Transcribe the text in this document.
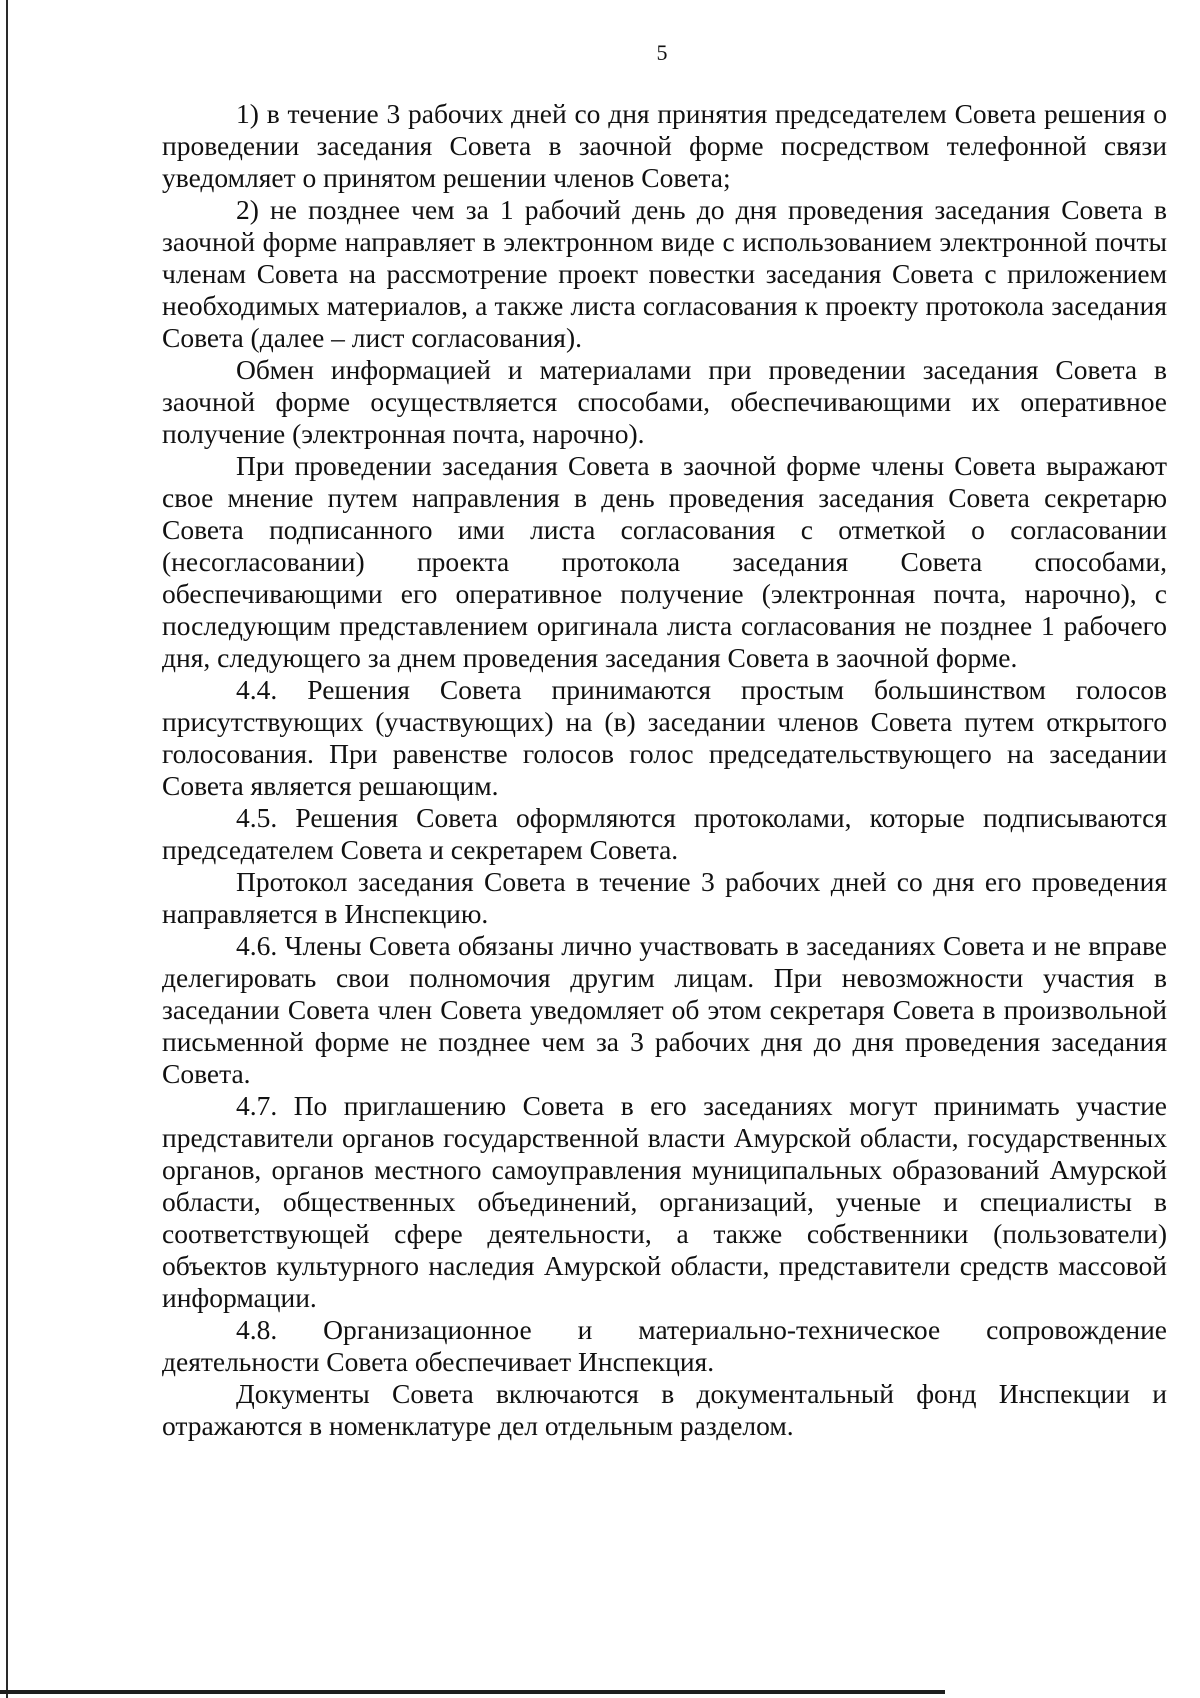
5

1) в течение 3 рабочих дней со дня принятия председателем Совета решения о проведении заседания Совета в заочной форме посредством телефонной связи уведомляет о принятом решении членов Совета;

2) не позднее чем за 1 рабочий день до дня проведения заседания Совета в заочной форме направляет в электронном виде с использованием электронной почты членам Совета на рассмотрение проект повестки заседания Совета с приложением необходимых материалов, а также листа согласования к проекту протокола заседания Совета (далее – лист согласования).

Обмен информацией и материалами при проведении заседания Совета в заочной форме осуществляется способами, обеспечивающими их оперативное получение (электронная почта, нарочно).

При проведении заседания Совета в заочной форме члены Совета выражают свое мнение путем направления в день проведения заседания Совета секретарю Совета подписанного ими листа согласования с отметкой о согласовании (несогласовании) проекта протокола заседания Совета способами, обеспечивающими его оперативное получение (электронная почта, нарочно), с последующим представлением оригинала листа согласования не позднее 1 рабочего дня, следующего за днем проведения заседания Совета в заочной форме.

4.4. Решения Совета принимаются простым большинством голосов присутствующих (участвующих) на (в) заседании членов Совета путем открытого голосования. При равенстве голосов голос председательствующего на заседании Совета является решающим.

4.5. Решения Совета оформляются протоколами, которые подписываются председателем Совета и секретарем Совета.

Протокол заседания Совета в течение 3 рабочих дней со дня его проведения направляется в Инспекцию.

4.6. Члены Совета обязаны лично участвовать в заседаниях Совета и не вправе делегировать свои полномочия другим лицам. При невозможности участия в заседании Совета член Совета уведомляет об этом секретаря Совета в произвольной письменной форме не позднее чем за 3 рабочих дня до дня проведения заседания Совета.

4.7. По приглашению Совета в его заседаниях могут принимать участие представители органов государственной власти Амурской области, государственных органов, органов местного самоуправления муниципальных образований Амурской области, общественных объединений, организаций, ученые и специалисты в соответствующей сфере деятельности, а также собственники (пользователи) объектов культурного наследия Амурской области, представители средств массовой информации.

4.8. Организационное и материально-техническое сопровождение деятельности Совета обеспечивает Инспекция.

Документы Совета включаются в документальный фонд Инспекции и отражаются в номенклатуре дел отдельным разделом.
